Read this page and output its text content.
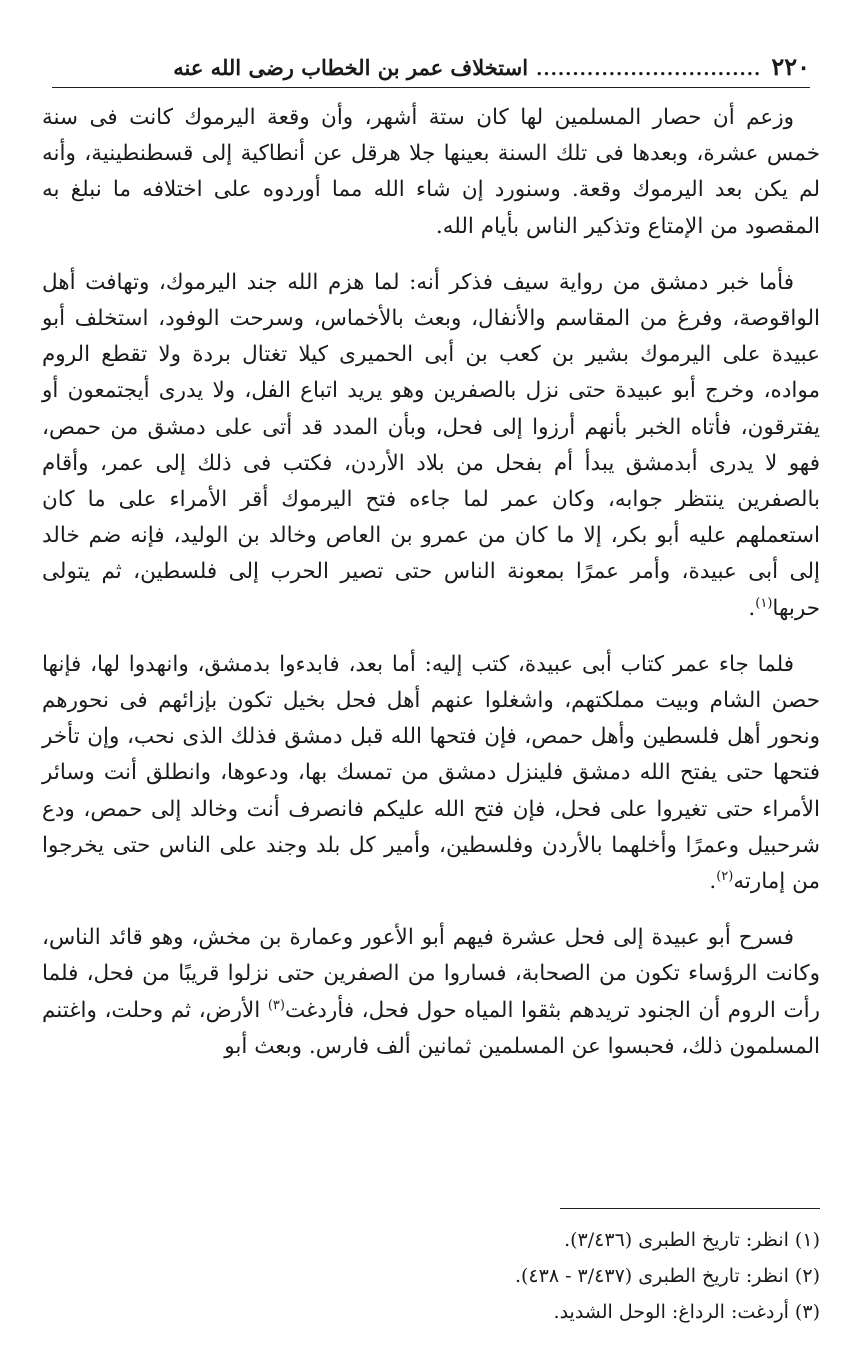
٢٢٠
...............................
استخلاف عمر بن الخطاب رضى الله عنه

وزعم أن حصار المسلمين لها كان ستة أشهر، وأن وقعة اليرموك كانت فى سنة خمس عشرة، وبعدها فى تلك السنة بعينها جلا هرقل عن أنطاكية إلى قسطنطينية، وأنه لم يكن بعد اليرموك وقعة. وسنورد إن شاء الله مما أوردوه على اختلافه ما نبلغ به المقصود من الإمتاع وتذكير الناس بأيام الله.

فأما خبر دمشق من رواية سيف فذكر أنه: لما هزم الله جند اليرموك، وتهافت أهل الواقوصة، وفرغ من المقاسم والأنفال، وبعث بالأخماس، وسرحت الوفود، استخلف أبو عبيدة على اليرموك بشير بن كعب بن أبى الحميرى كيلا تغتال بردة ولا تقطع الروم مواده، وخرج أبو عبيدة حتى نزل بالصفرين وهو يريد اتباع الفل، ولا يدرى أيجتمعون أو يفترقون، فأتاه الخبر بأنهم أرزوا إلى فحل، وبأن المدد قد أتى على دمشق من حمص، فهو لا يدرى أبدمشق يبدأ أم بفحل من بلاد الأردن، فكتب فى ذلك إلى عمر، وأقام بالصفرين ينتظر جوابه، وكان عمر لما جاءه فتح اليرموك أقر الأمراء على ما كان استعملهم عليه أبو بكر، إلا ما كان من عمرو بن العاص وخالد بن الوليد، فإنه ضم خالد إلى أبى عبيدة، وأمر عمرًا بمعونة الناس حتى تصير الحرب إلى فلسطين، ثم يتولى حربها$^{(١)}$.

فلما جاء عمر كتاب أبى عبيدة، كتب إليه: أما بعد، فابدءوا بدمشق، وانهدوا لها، فإنها حصن الشام وبيت مملكتهم، واشغلوا عنهم أهل فحل بخيل تكون بإزائهم فى نحورهم ونحور أهل فلسطين وأهل حمص، فإن فتحها الله قبل دمشق فذلك الذى نحب، وإن تأخر فتحها حتى يفتح الله دمشق فلينزل دمشق من تمسك بها، ودعوها، وانطلق أنت وسائر الأمراء حتى تغيروا على فحل، فإن فتح الله عليكم فانصرف أنت وخالد إلى حمص، ودع شرحبيل وعمرًا وأخلهما بالأردن وفلسطين، وأمير كل بلد وجند على الناس حتى يخرجوا من إمارته$^{(٢)}$.

فسرح أبو عبيدة إلى فحل عشرة فيهم أبو الأعور وعمارة بن مخش، وهو قائد الناس، وكانت الرؤساء تكون من الصحابة، فساروا من الصفرين حتى نزلوا قريبًا من فحل، فلما رأت الروم أن الجنود تريدهم بثقوا المياه حول فحل، فأردغت$^{(٣)}$ الأرض، ثم وحلت، واغتنم المسلمون ذلك، فحبسوا عن المسلمين ثمانين ألف فارس. وبعث أبو

(١) انظر: تاريخ الطبرى (٣/٤٣٦).

(٢) انظر: تاريخ الطبرى (٣/٤٣٧ - ٤٣٨).

(٣) أردغت: الرداغ: الوحل الشديد.
